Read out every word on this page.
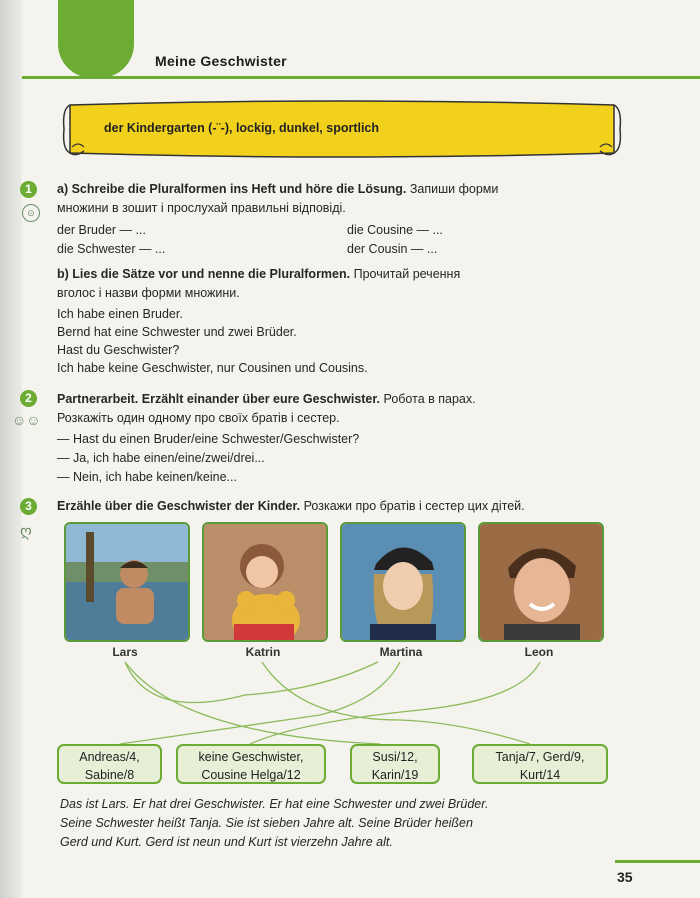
Meine Geschwister
der Kindergarten (-¨-), lockig, dunkel, sportlich
1
⊙
a) Schreibe die Pluralformen ins Heft und höre die Lösung. Запиши форми
множини в зошит і прослухай правильні відповіді.
der Bruder — ...	die Cousine — ...
die Schwester — ...	der Cousin — ...
b) Lies die Sätze vor und nenne die Pluralformen. Прочитай речення
вголос і назви форми множини.
Ich habe einen Bruder.
Bernd hat eine Schwester und zwei Brüder.
Hast du Geschwister?
Ich habe keine Geschwister, nur Cousinen und Cousins.
2
☺☺
Partnerarbeit. Erzählt einander über eure Geschwister. Робота в парах.
Розкажіть один одному про своїх братів і сестер.
— Hast du einen Bruder/eine Schwester/Geschwister?
— Ja, ich habe einen/eine/zwei/drei...
— Nein, ich habe keinen/keine...
3
ღ
Erzähle über die Geschwister der Kinder. Розкажи про братів і сестер цих дітей.
Lars	Katrin	Martina	Leon
Andreas/4,
Sabine/8
keine Geschwister,
Cousine Helga/12
Susi/12,
Karin/19
Tanja/7, Gerd/9,
Kurt/14
Das ist Lars. Er hat drei Geschwister. Er hat eine Schwester und zwei Brüder.
Seine Schwester heißt Tanja. Sie ist sieben Jahre alt. Seine Brüder heißen
Gerd und Kurt. Gerd ist neun und Kurt ist vierzehn Jahre alt.
35
